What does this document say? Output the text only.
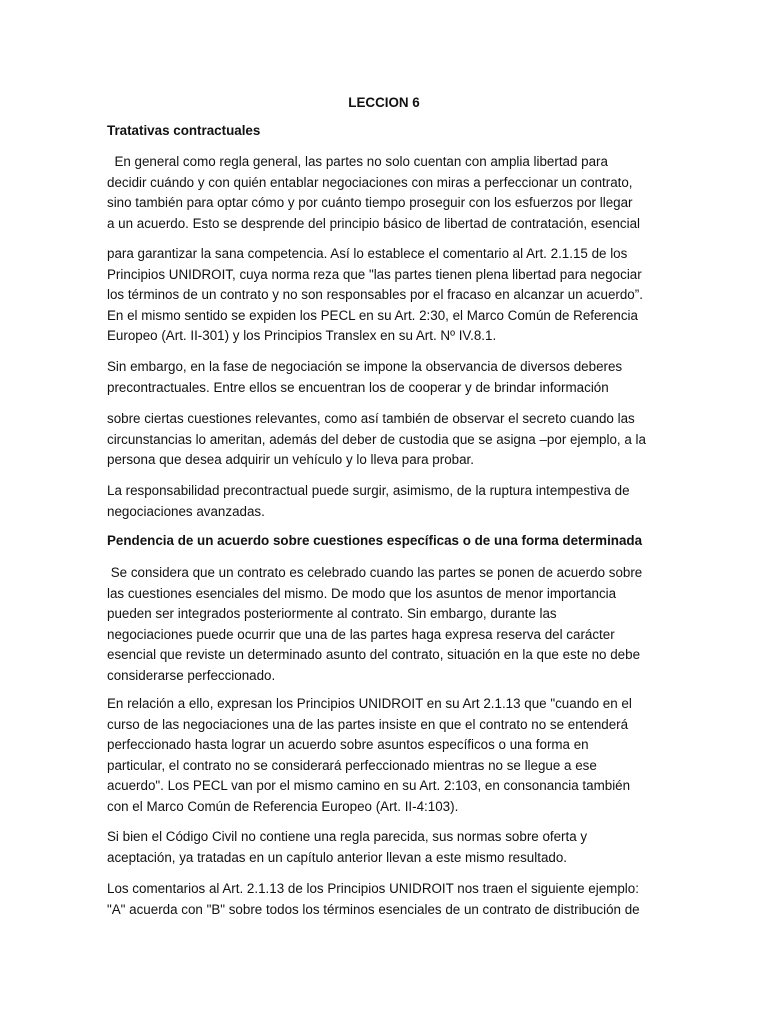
LECCION 6
Tratativas contractuales
En general como regla general, las partes no solo cuentan con amplia libertad para
decidir cuándo y con quién entablar negociaciones con miras a perfeccionar un contrato,
sino también para optar cómo y por cuánto tiempo proseguir con los esfuerzos por llegar
a un acuerdo. Esto se desprende del principio básico de libertad de contratación, esencial
para garantizar la sana competencia. Así lo establece el comentario al Art. 2.1.15 de los
Principios UNIDROIT, cuya norma reza que "las partes tienen plena libertad para negociar
los términos de un contrato y no son responsables por el fracaso en alcanzar un acuerdo”.
En el mismo sentido se expiden los PECL en su Art. 2:30, el Marco Común de Referencia
Europeo (Art. II-301) y los Principios Translex en su Art. Nº IV.8.1.
Sin embargo, en la fase de negociación se impone la observancia de diversos deberes
precontractuales. Entre ellos se encuentran los de cooperar y de brindar información
sobre ciertas cuestiones relevantes, como así también de observar el secreto cuando las
circunstancias lo ameritan, además del deber de custodia que se asigna –por ejemplo, a la
persona que desea adquirir un vehículo y lo lleva para probar.
La responsabilidad precontractual puede surgir, asimismo, de la ruptura intempestiva de
negociaciones avanzadas.
Pendencia de un acuerdo sobre cuestiones específicas o de una forma determinada
Se considera que un contrato es celebrado cuando las partes se ponen de acuerdo sobre
las cuestiones esenciales del mismo. De modo que los asuntos de menor importancia
pueden ser integrados posteriormente al contrato. Sin embargo, durante las
negociaciones puede ocurrir que una de las partes haga expresa reserva del carácter
esencial que reviste un determinado asunto del contrato, situación en la que este no debe
considerarse perfeccionado.
En relación a ello, expresan los Principios UNIDROIT en su Art 2.1.13 que "cuando en el
curso de las negociaciones una de las partes insiste en que el contrato no se entenderá
perfeccionado hasta lograr un acuerdo sobre asuntos específicos o una forma en
particular, el contrato no se considerará perfeccionado mientras no se llegue a ese
acuerdo". Los PECL van por el mismo camino en su Art. 2:103, en consonancia también
con el Marco Común de Referencia Europeo (Art. II-4:103).
Si bien el Código Civil no contiene una regla parecida, sus normas sobre oferta y
aceptación, ya tratadas en un capítulo anterior llevan a este mismo resultado.
Los comentarios al Art. 2.1.13 de los Principios UNIDROIT nos traen el siguiente ejemplo:
"A" acuerda con "B" sobre todos los términos esenciales de un contrato de distribución de
